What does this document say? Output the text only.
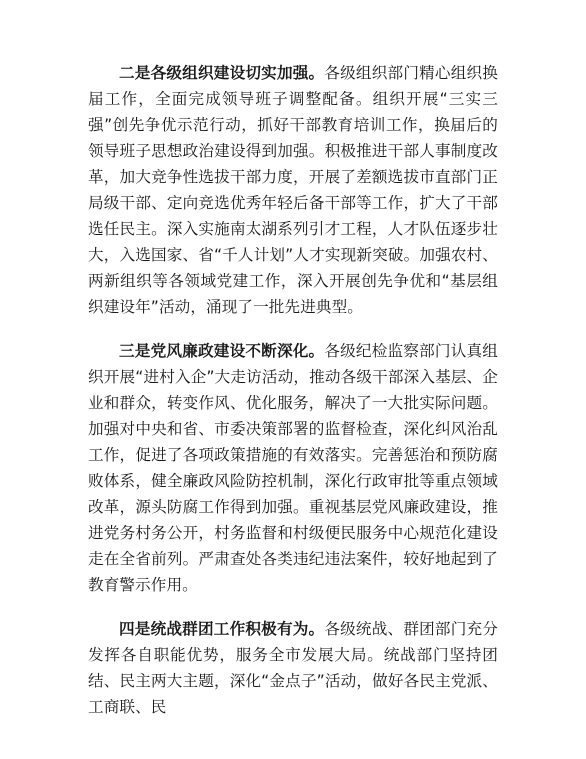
二是各级组织建设切实加强。各级组织部门精心组织换届工作，全面完成领导班子调整配备。组织开展“三实三强”创先争优示范行动，抓好干部教育培训工作，换届后的领导班子思想政治建设得到加强。积极推进干部人事制度改革，加大竞争性选拔干部力度，开展了差额选拔市直部门正局级干部、定向竞选优秀年轻后备干部等工作，扩大了干部选任民主。深入实施南太湖系列引才工程，人才队伍逐步壮大，入选国家、省“千人计划”人才实现新突破。加强农村、两新组织等各领域党建工作，深入开展创先争优和“基层组织建设年”活动，涌现了一批先进典型。

三是党风廉政建设不断深化。各级纪检监察部门认真组织开展“进村入企”大走访活动，推动各级干部深入基层、企业和群众，转变作风、优化服务，解决了一大批实际问题。加强对中央和省、市委决策部署的监督检查，深化纠风治乱工作，促进了各项政策措施的有效落实。完善惩治和预防腐败体系，健全廉政风险防控机制，深化行政审批等重点领域改革，源头防腐工作得到加强。重视基层党风廉政建设，推进党务村务公开，村务监督和村级便民服务中心规范化建设走在全省前列。严肃查处各类违纪违法案件，较好地起到了教育警示作用。

四是统战群团工作积极有为。各级统战、群团部门充分发挥各自职能优势，服务全市发展大局。统战部门坚持团结、民主两大主题，深化“金点子”活动，做好各民主党派、工商联、民
